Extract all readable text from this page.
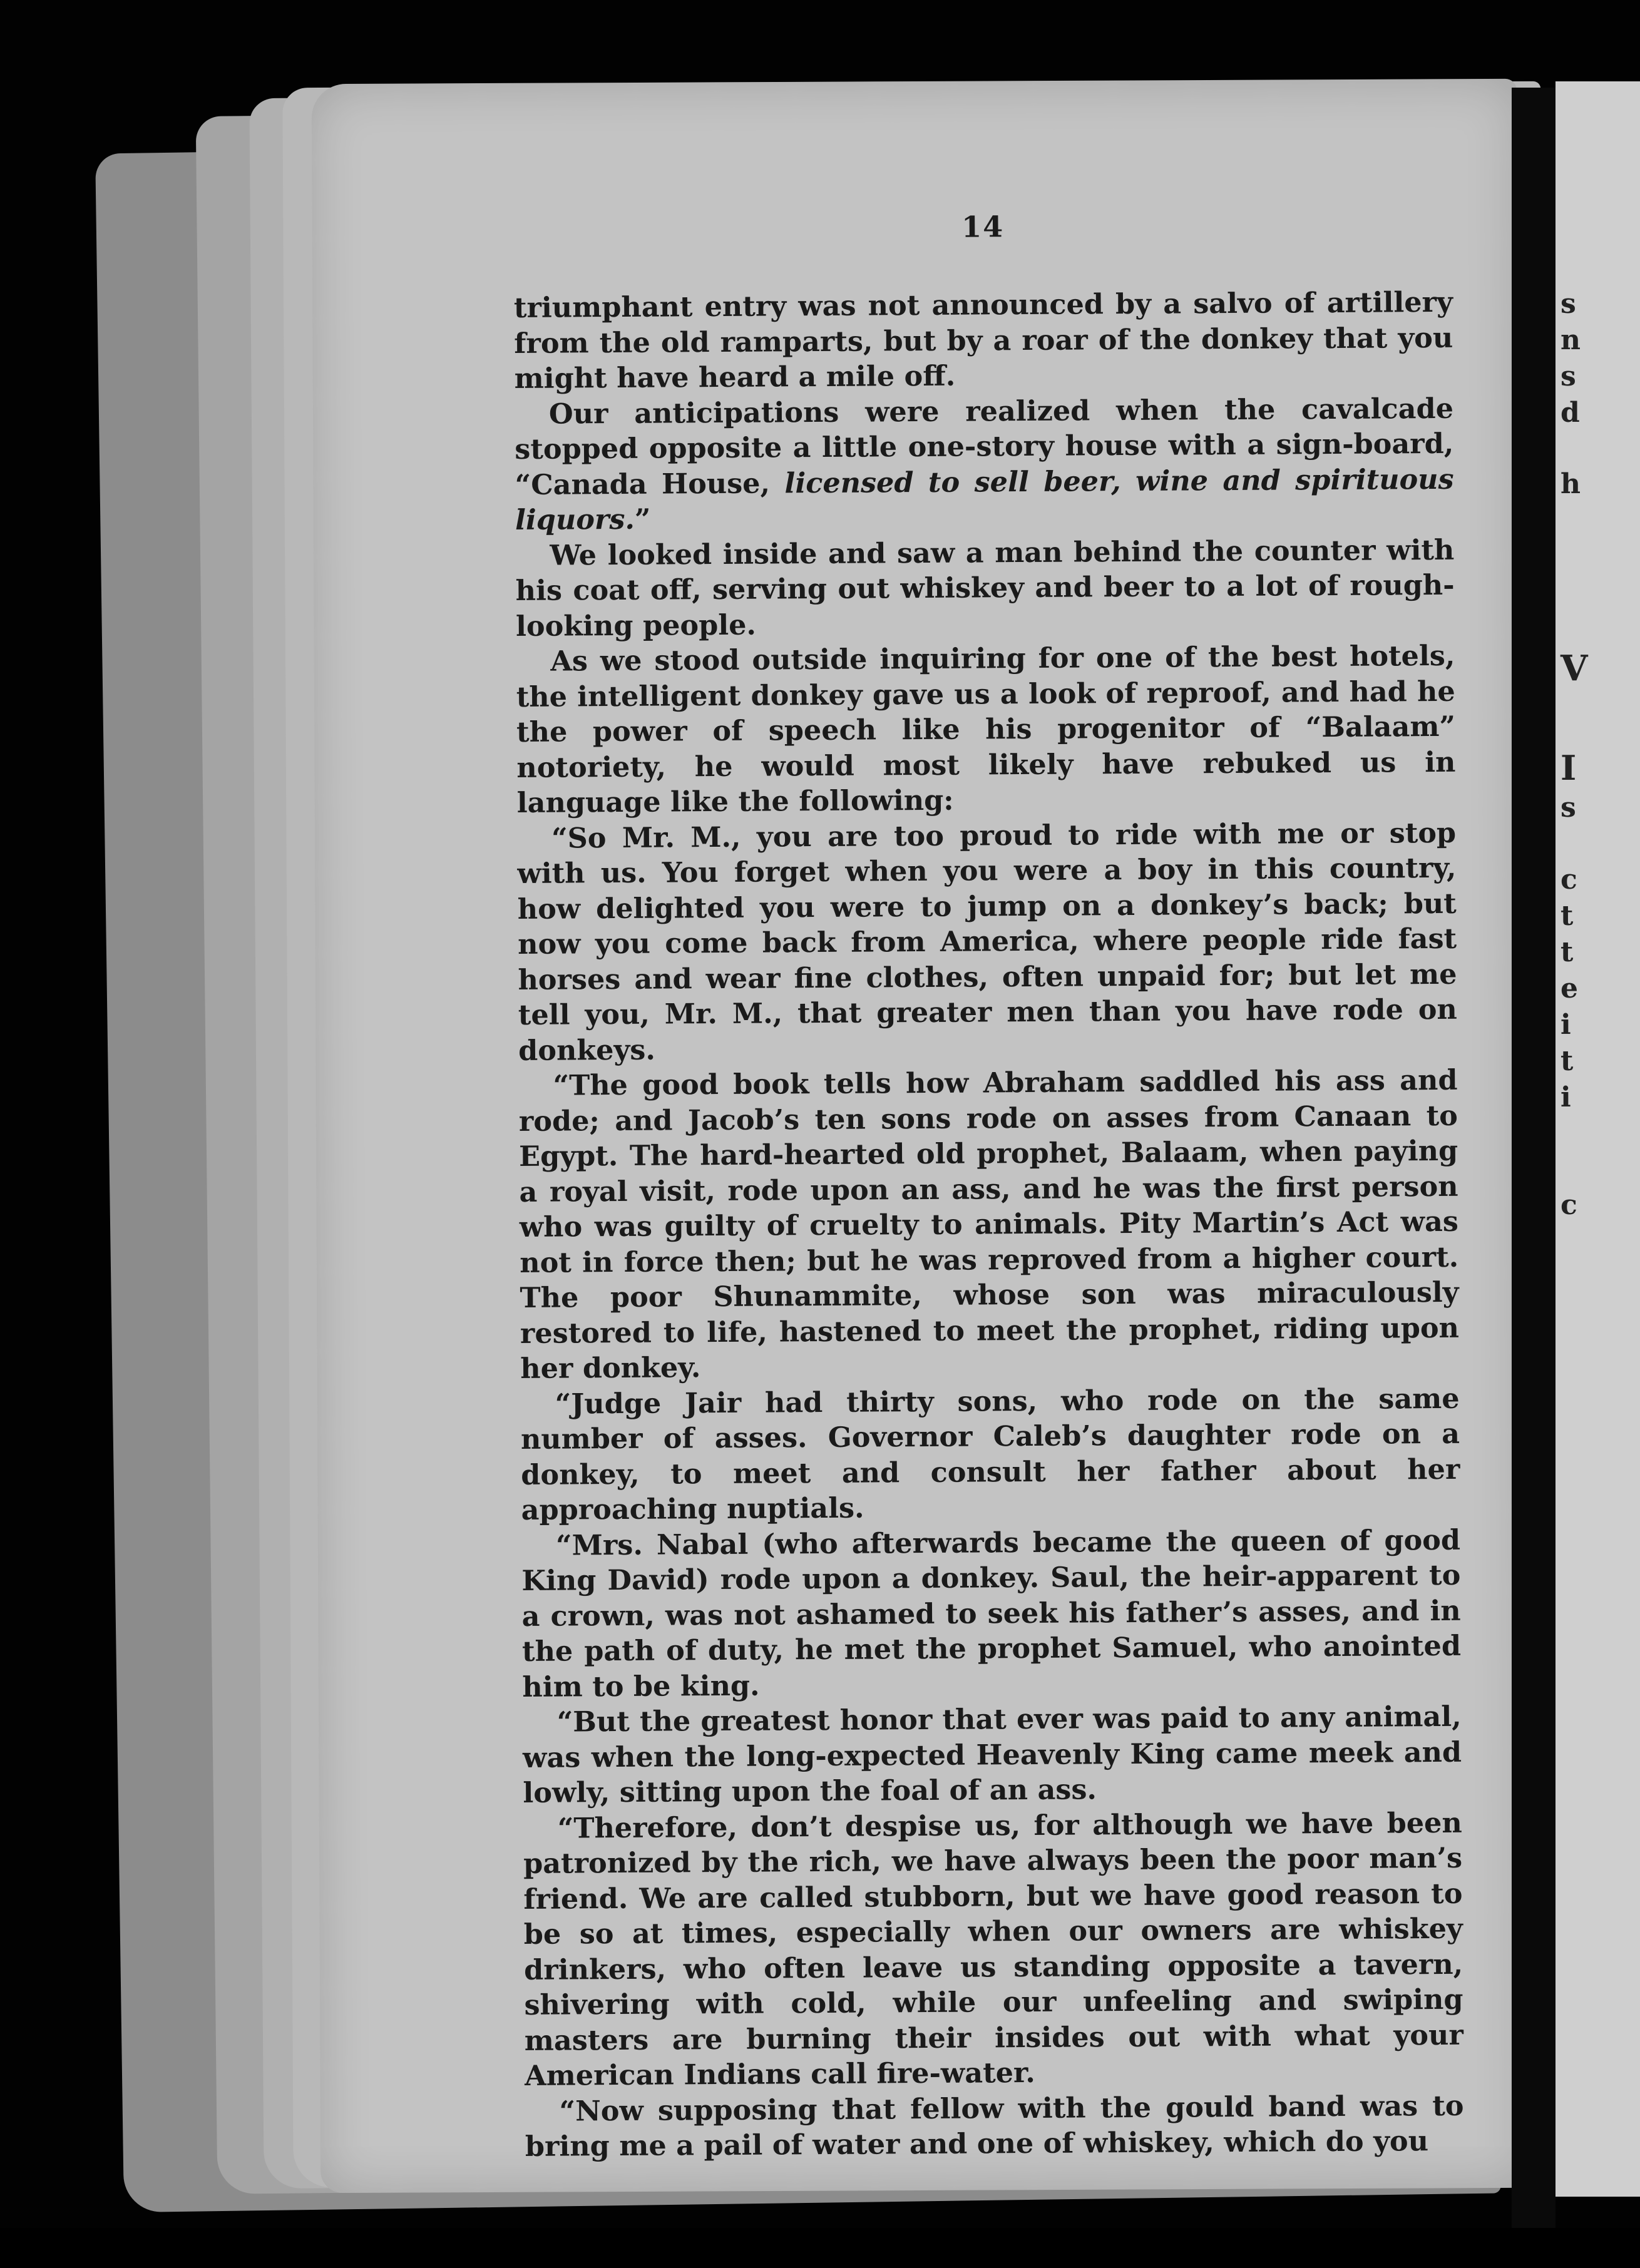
s
n
s
d
h
V
I
s
c
t
t
e
i
t
i
c
14

triumphant entry was not announced by a salvo of artillery from the old ramparts, but by a roar of the donkey that you might have heard a mile off.

Our anticipations were realized when the cavalcade stopped opposite a little one-story house with a sign-board, “Canada House, licensed to sell beer, wine and spirituous liquors.”

We looked inside and saw a man behind the counter with his coat off, serving out whiskey and beer to a lot of rough-looking people.

As we stood outside inquiring for one of the best hotels, the intelligent donkey gave us a look of reproof, and had he the power of speech like his progenitor of “Balaam” notoriety, he would most likely have rebuked us in language like the following:

“So Mr. M., you are too proud to ride with me or stop with us. You forget when you were a boy in this country, how delighted you were to jump on a donkey’s back; but now you come back from America, where people ride fast horses and wear fine clothes, often unpaid for; but let me tell you, Mr. M., that greater men than you have rode on donkeys.

“The good book tells how Abraham saddled his ass and rode; and Jacob’s ten sons rode on asses from Canaan to Egypt. The hard-hearted old prophet, Balaam, when paying a royal visit, rode upon an ass, and he was the first person who was guilty of cruelty to animals. Pity Martin’s Act was not in force then; but he was reproved from a higher court. The poor Shunammite, whose son was miraculously restored to life, hastened to meet the prophet, riding upon her donkey.

“Judge Jair had thirty sons, who rode on the same number of asses. Governor Caleb’s daughter rode on a donkey, to meet and consult her father about her approaching nuptials.

“Mrs. Nabal (who afterwards became the queen of good King David) rode upon a donkey. Saul, the heir-apparent to a crown, was not ashamed to seek his father’s asses, and in the path of duty, he met the prophet Samuel, who anointed him to be king.

“But the greatest honor that ever was paid to any animal, was when the long-expected Heavenly King came meek and lowly, sitting upon the foal of an ass.

“Therefore, don’t despise us, for although we have been patronized by the rich, we have always been the poor man’s friend. We are called stubborn, but we have good reason to be so at times, especially when our owners are whiskey drinkers, who often leave us standing opposite a tavern, shivering with cold, while our unfeeling and swiping masters are burning their insides out with what your American Indians call fire-water.

“Now supposing that fellow with the gould band was to bring me a pail of water and one of whiskey, which do you
